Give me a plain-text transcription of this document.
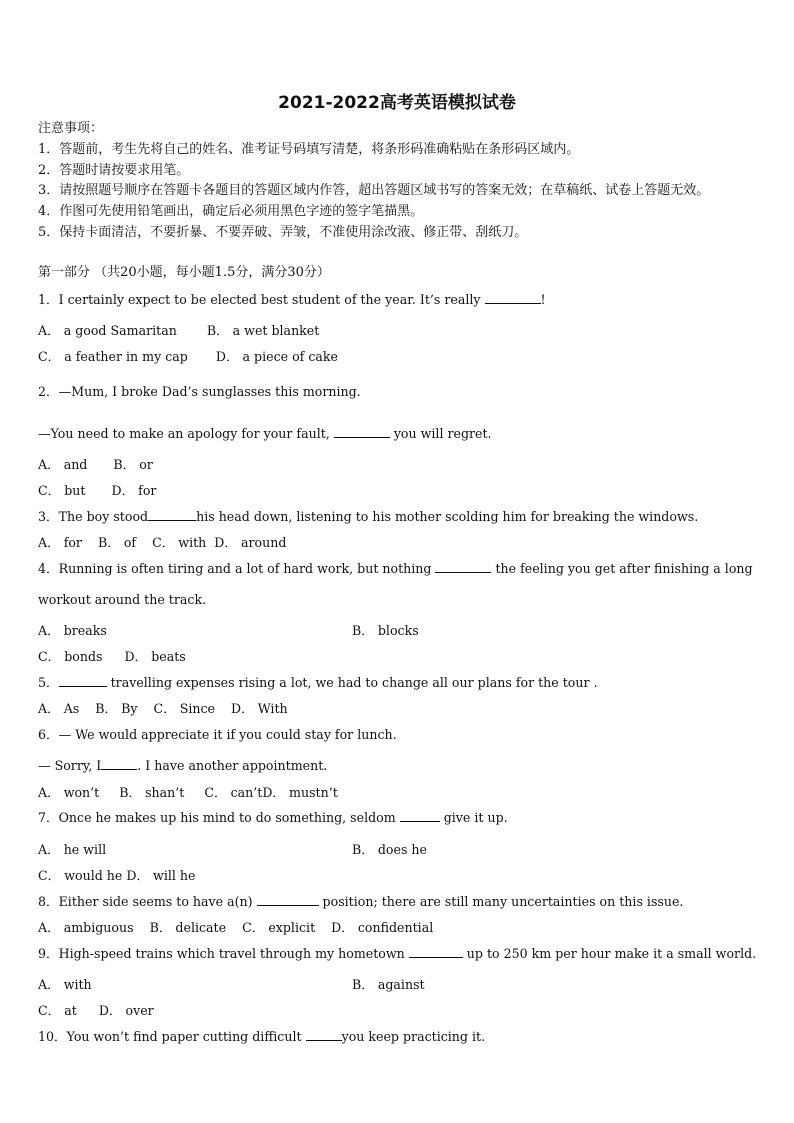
2021-2022高考英语模拟试卷
注意事项：
1．答题前，考生先将自己的姓名、准考证号码填写清楚，将条形码准确粘贴在条形码区域内。
2．答题时请按要求用笔。
3．请按照题号顺序在答题卡各题目的答题区域内作答，超出答题区域书写的答案无效；在草稿纸、试卷上答题无效。
4．作图可先使用铅笔画出，确定后必须用黑色字迹的签字笔描黑。
5．保持卡面清洁，不要折暴、不要弄破、弄皱，不准使用涂改液、修正带、刮纸刀。
第一部分 （共20小题，每小题1.5分，满分30分）
1．I certainly expect to be elected best student of the year. It’s really	!
A． a good Samaritan B． a wet blanket
C． a feather in my cap D． a piece of cake
2．—Mum, I broke Dad’s sunglasses this morning.
—You need to make an apology for your fault,	you will regret.
A． and B． or
C． but D． for
3．The boy stood	his head down, listening to his mother scolding him for breaking the windows.
A． for    B． of    C． with  D． around
4．Running is often tiring and a lot of hard work, but nothing	the feeling you get after finishing a long
workout around the track.
A． breaks	B． blocks
C． bonds D． beats
5．	travelling expenses rising a lot, we had to change all our plans for the tour .
A． As    B． By    C． Since    D． With
6．— We would appreciate it if you could stay for lunch.
— Sorry, I	. I have another appointment.
A． won’t     B． shan’t     C． can’tD． mustn’t
7．Once he makes up his mind to do something, seldom	give it up.
A． he will	B． does he
C． would he D． will he
8．Either side seems to have a(n)	position; there are still many uncertainties on this issue.
A． ambiguous    B． delicate    C． explicit    D． confidential
9．High-speed trains which travel through my hometown	up to 250 km per hour make it a small world.
A． with	B． against
C． at D． over
10．You won’t find paper cutting difficult	you keep practicing it.
